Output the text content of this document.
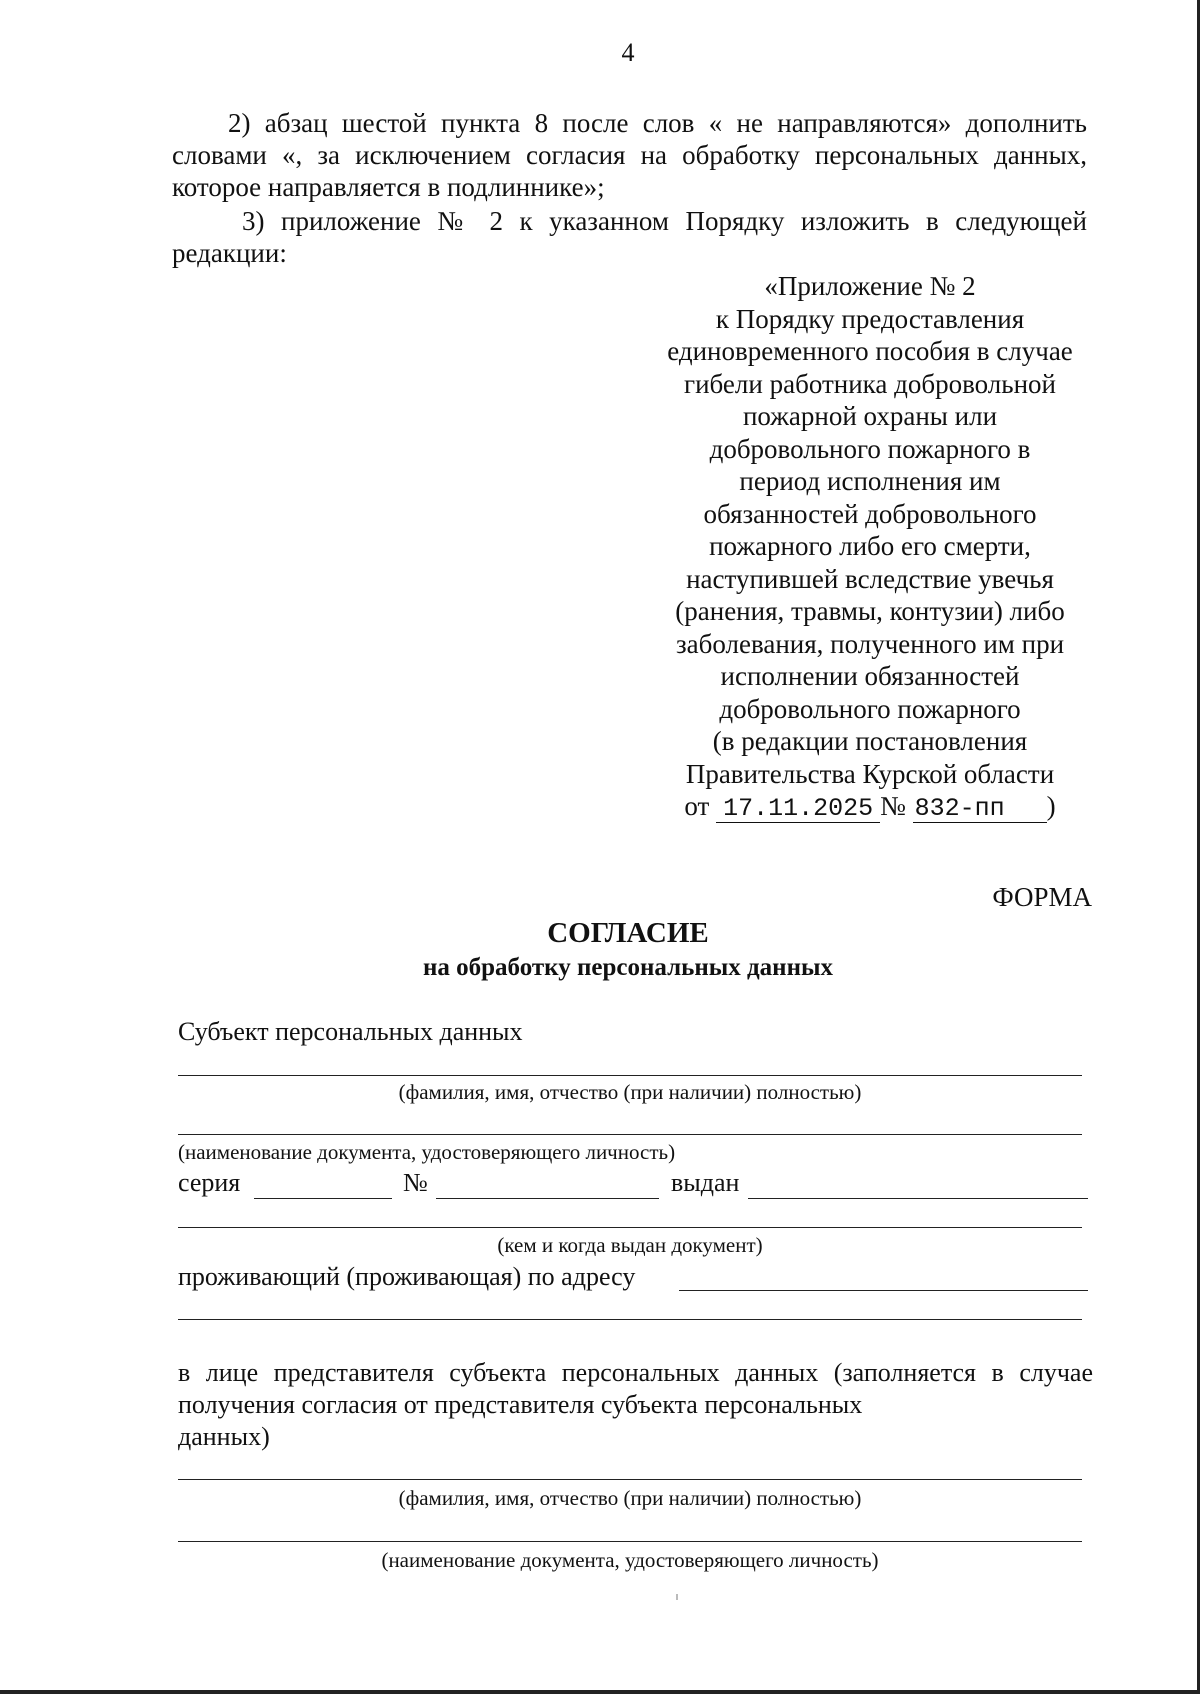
4
2) абзац шестой пункта 8 после слов « не направляются» дополнить словами «, за исключением согласия на обработку персональных данных, которое направляется в подлиннике»;
3) приложение № 2 к указанном Порядку изложить в следующей
редакции:
«Приложение № 2
к Порядку предоставления
единовременного пособия в случае
гибели работника добровольной
пожарной охраны или
добровольного пожарного в
период исполнения им
обязанностей добровольного
пожарного либо его смерти,
наступившей вследствие увечья
(ранения, травмы, контузии) либо
заболевания, полученного им при
исполнении обязанностей
добровольного пожарного
(в редакции постановления
Правительства Курской области
от 17.11.2025 № 832-пп )
ФОРМА
СОГЛАСИЕ
на обработку персональных данных
Субъект персональных данных
(фамилия, имя, отчество (при наличии) полностью)
(наименование документа, удостоверяющего личность)
серия	№	выдан
(кем и когда выдан документ)
проживающий (проживающая) по адресу
в лице представителя субъекта персональных данных (заполняется в случае получения согласия от представителя субъекта персональных
данных)
(фамилия, имя, отчество (при наличии) полностью)
(наименование документа, удостоверяющего личность)
